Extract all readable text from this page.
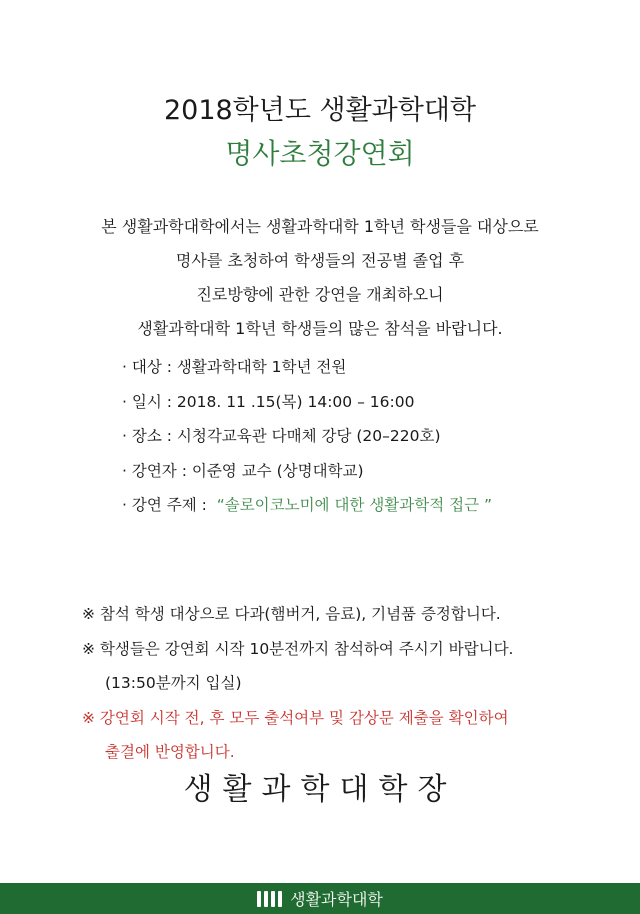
2018학년도 생활과학대학
명사초청강연회
본 생활과학대학에서는 생활과학대학 1학년 학생들을 대상으로
명사를 초청하여 학생들의 전공별 졸업 후
진로방향에 관한 강연을 개최하오니
생활과학대학 1학년 학생들의 많은 참석을 바랍니다.
· 대상 : 생활과학대학 1학년 전원
· 일시 : 2018. 11 .15(목) 14:00 – 16:00
· 장소 : 시청각교육관 다매체 강당 (20–220호)
· 강연자 : 이준영 교수 (상명대학교)
· 강연 주제 :  “솔로이코노미에 대한 생활과학적 접근 ”
※ 참석 학생 대상으로 다과(햄버거, 음료), 기념품 증정합니다.
※ 학생들은 강연회 시작 10분전까지 참석하여 주시기 바랍니다.
(13:50분까지 입실)
※ 강연회 시작 전, 후 모두 출석여부 및 감상문 제출을 확인하여
출결에 반영합니다.
생활과학대학장
생활과학대학
